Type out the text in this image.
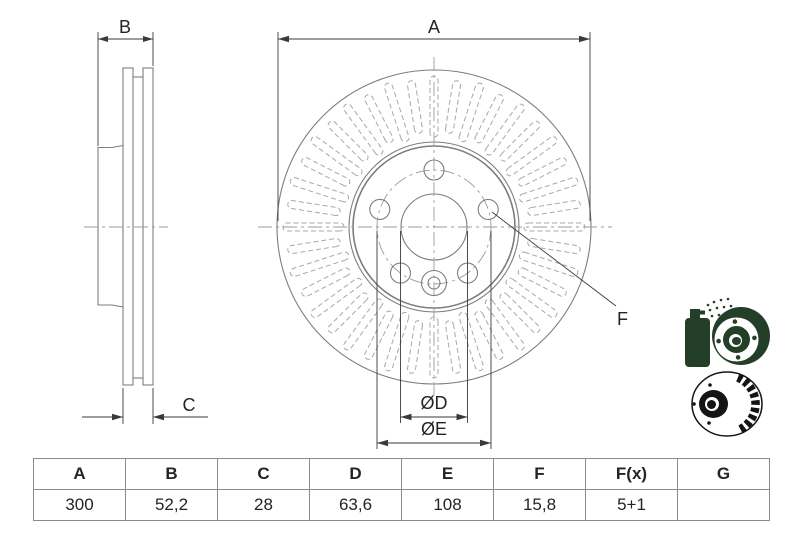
A
B
C	ØD
ØE
F
A	B	C	D	E	F	F(x)	G
300	52,2	28	63,6	108	15,8	5+1	
